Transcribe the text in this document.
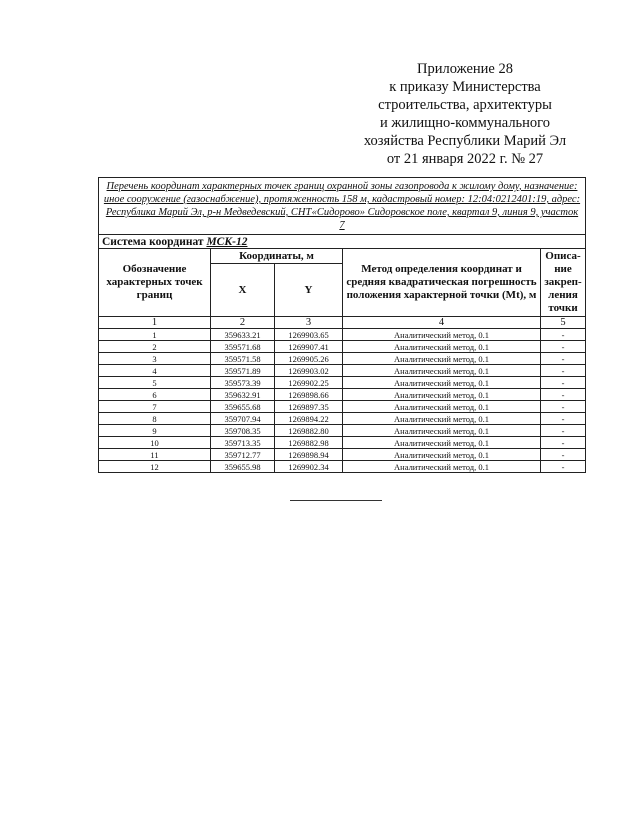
Приложение 28
к приказу Министерства
строительства, архитектуры
и жилищно-коммунального
хозяйства Республики Марий Эл
от 21 января 2022 г. № 27
Перечень координат характерных точек границ охранной зоны газопровода к жилому дому, назначение: иное сооружение (газоснабжение), протяженность 158 м, кадастровый номер: 12:04:0212401:19, адрес: Республика Марий Эл, р-н Медведевский, СНТ«Сидорово» Сидоровское поле, квартал 9, линия 9, участок 7				
Система координат МСК-12				
Обозначение характерных точек границ	Координаты, м		Метод определения координат и средняя квадратическая погрешность положения характерной точки (Mt), м	Описа-ние закреп-ления точки
	X	Y		
1	2	3	4	5
1	359633.21	1269903.65	Аналитический метод, 0.1	-
2	359571.68	1269907.41	Аналитический метод, 0.1	-
3	359571.58	1269905.26	Аналитический метод, 0.1	-
4	359571.89	1269903.02	Аналитический метод, 0.1	-
5	359573.39	1269902.25	Аналитический метод, 0.1	-
6	359632.91	1269898.66	Аналитический метод, 0.1	-
7	359655.68	1269897.35	Аналитический метод, 0.1	-
8	359707.94	1269894.22	Аналитический метод, 0.1	-
9	359708.35	1269882.80	Аналитический метод, 0.1	-
10	359713.35	1269882.98	Аналитический метод, 0.1	-
11	359712.77	1269898.94	Аналитический метод, 0.1	-
12	359655.98	1269902.34	Аналитический метод, 0.1	-
